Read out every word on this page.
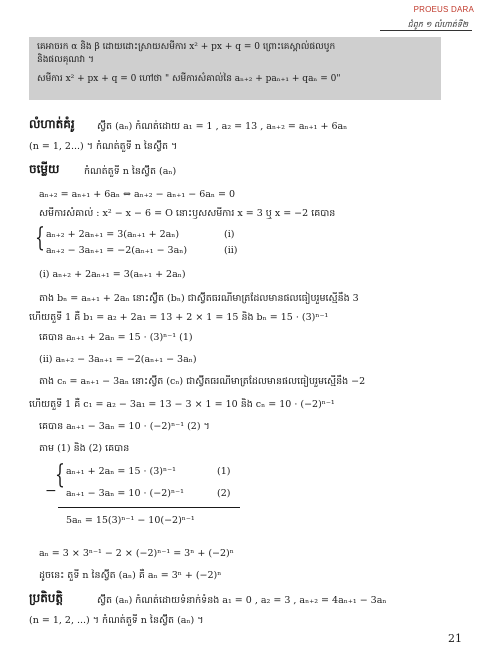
PROEUS DARA
ជំពូក ១ លំហាត់ទី២
គេអាចរក α និង β ដោយដោះស្រាយសមីការ x² + px + q = 0 ព្រោះគេស្គាល់ផលបូក
និងផលគុណវា ។
សមីការ x² + px + q = 0 ហៅថា " សមីការសំគាល់នៃ aₙ₊₂ + paₙ₊₁ + qaₙ = 0"
លំហាត់គំរូ ស៊្វីត (aₙ) កំណត់ដោយ a₁ = 1 , a₂ = 13 , aₙ₊₂ = aₙ₊₁ + 6aₙ
(n = 1, 2...) ។ កំណត់តួទី n នៃស៊្វីត ។
ចម្លើយ	កំណត់តួទី n នៃស៊្វីត (aₙ)
aₙ₊₂ = aₙ₊₁ + 6aₙ ⇔ aₙ₊₂ − aₙ₊₁ − 6aₙ = 0
សមីការសំគាល់ : x² − x − 6 = O នោះឫសសមីការ x = 3 ឬ x = −2 គេបាន
{ aₙ₊₂ + 2aₙ₊₁ = 3(aₙ₊₁ + 2aₙ)	(i)
aₙ₊₂ − 3aₙ₊₁ = −2(aₙ₊₁ − 3aₙ)	(ii)
(i) aₙ₊₂ + 2aₙ₊₁ = 3(aₙ₊₁ + 2aₙ)
តាង bₙ = aₙ₊₁ + 2aₙ នោះស៊្វីត (bₙ) ជាស៊្វីតធរណីមាត្រដែលមានផលធៀបរួមស្មើនឹង 3
ហើយតួទី 1 គឺ b₁ = a₂ + 2a₁ = 13 + 2 × 1 = 15 និង bₙ = 15 · (3)ⁿ⁻¹
គេបាន aₙ₊₁ + 2aₙ = 15 · (3)ⁿ⁻¹ (1)
(ii) aₙ₊₂ − 3aₙ₊₁ = −2(aₙ₊₁ − 3aₙ)
តាង cₙ = aₙ₊₁ − 3aₙ នោះស៊្វីត (cₙ) ជាស៊្វីតធរណីមាត្រដែលមានផលធៀបរួមស្មើនឹង −2
ហើយតួទី 1 គឺ c₁ = a₂ − 3a₁ = 13 − 3 × 1 = 10 និង cₙ = 10 · (−2)ⁿ⁻¹
គេបាន aₙ₊₁ − 3aₙ = 10 · (−2)ⁿ⁻¹ (2) ។
តាម (1) និង (2) គេបាន
−
{ aₙ₊₁ + 2aₙ = 15 · (3)ⁿ⁻¹	(1)
aₙ₊₁ − 3aₙ = 10 · (−2)ⁿ⁻¹	(2)
5aₙ = 15(3)ⁿ⁻¹ − 10(−2)ⁿ⁻¹
aₙ = 3 × 3ⁿ⁻¹ − 2 × (−2)ⁿ⁻¹ = 3ⁿ + (−2)ⁿ
ដូចនេះ តួទី n នៃស៊្វីត (aₙ) គឺ aₙ = 3ⁿ + (−2)ⁿ
ប្រតិបត្តិ	ស៊្វីត (aₙ) កំណត់ដោយទំនាក់ទំនង a₁ = 0 , a₂ = 3 , aₙ₊₂ = 4aₙ₊₁ − 3aₙ
(n = 1, 2, ...) ។ កំណត់តួទី n នៃស៊្វីត (aₙ) ។
21
